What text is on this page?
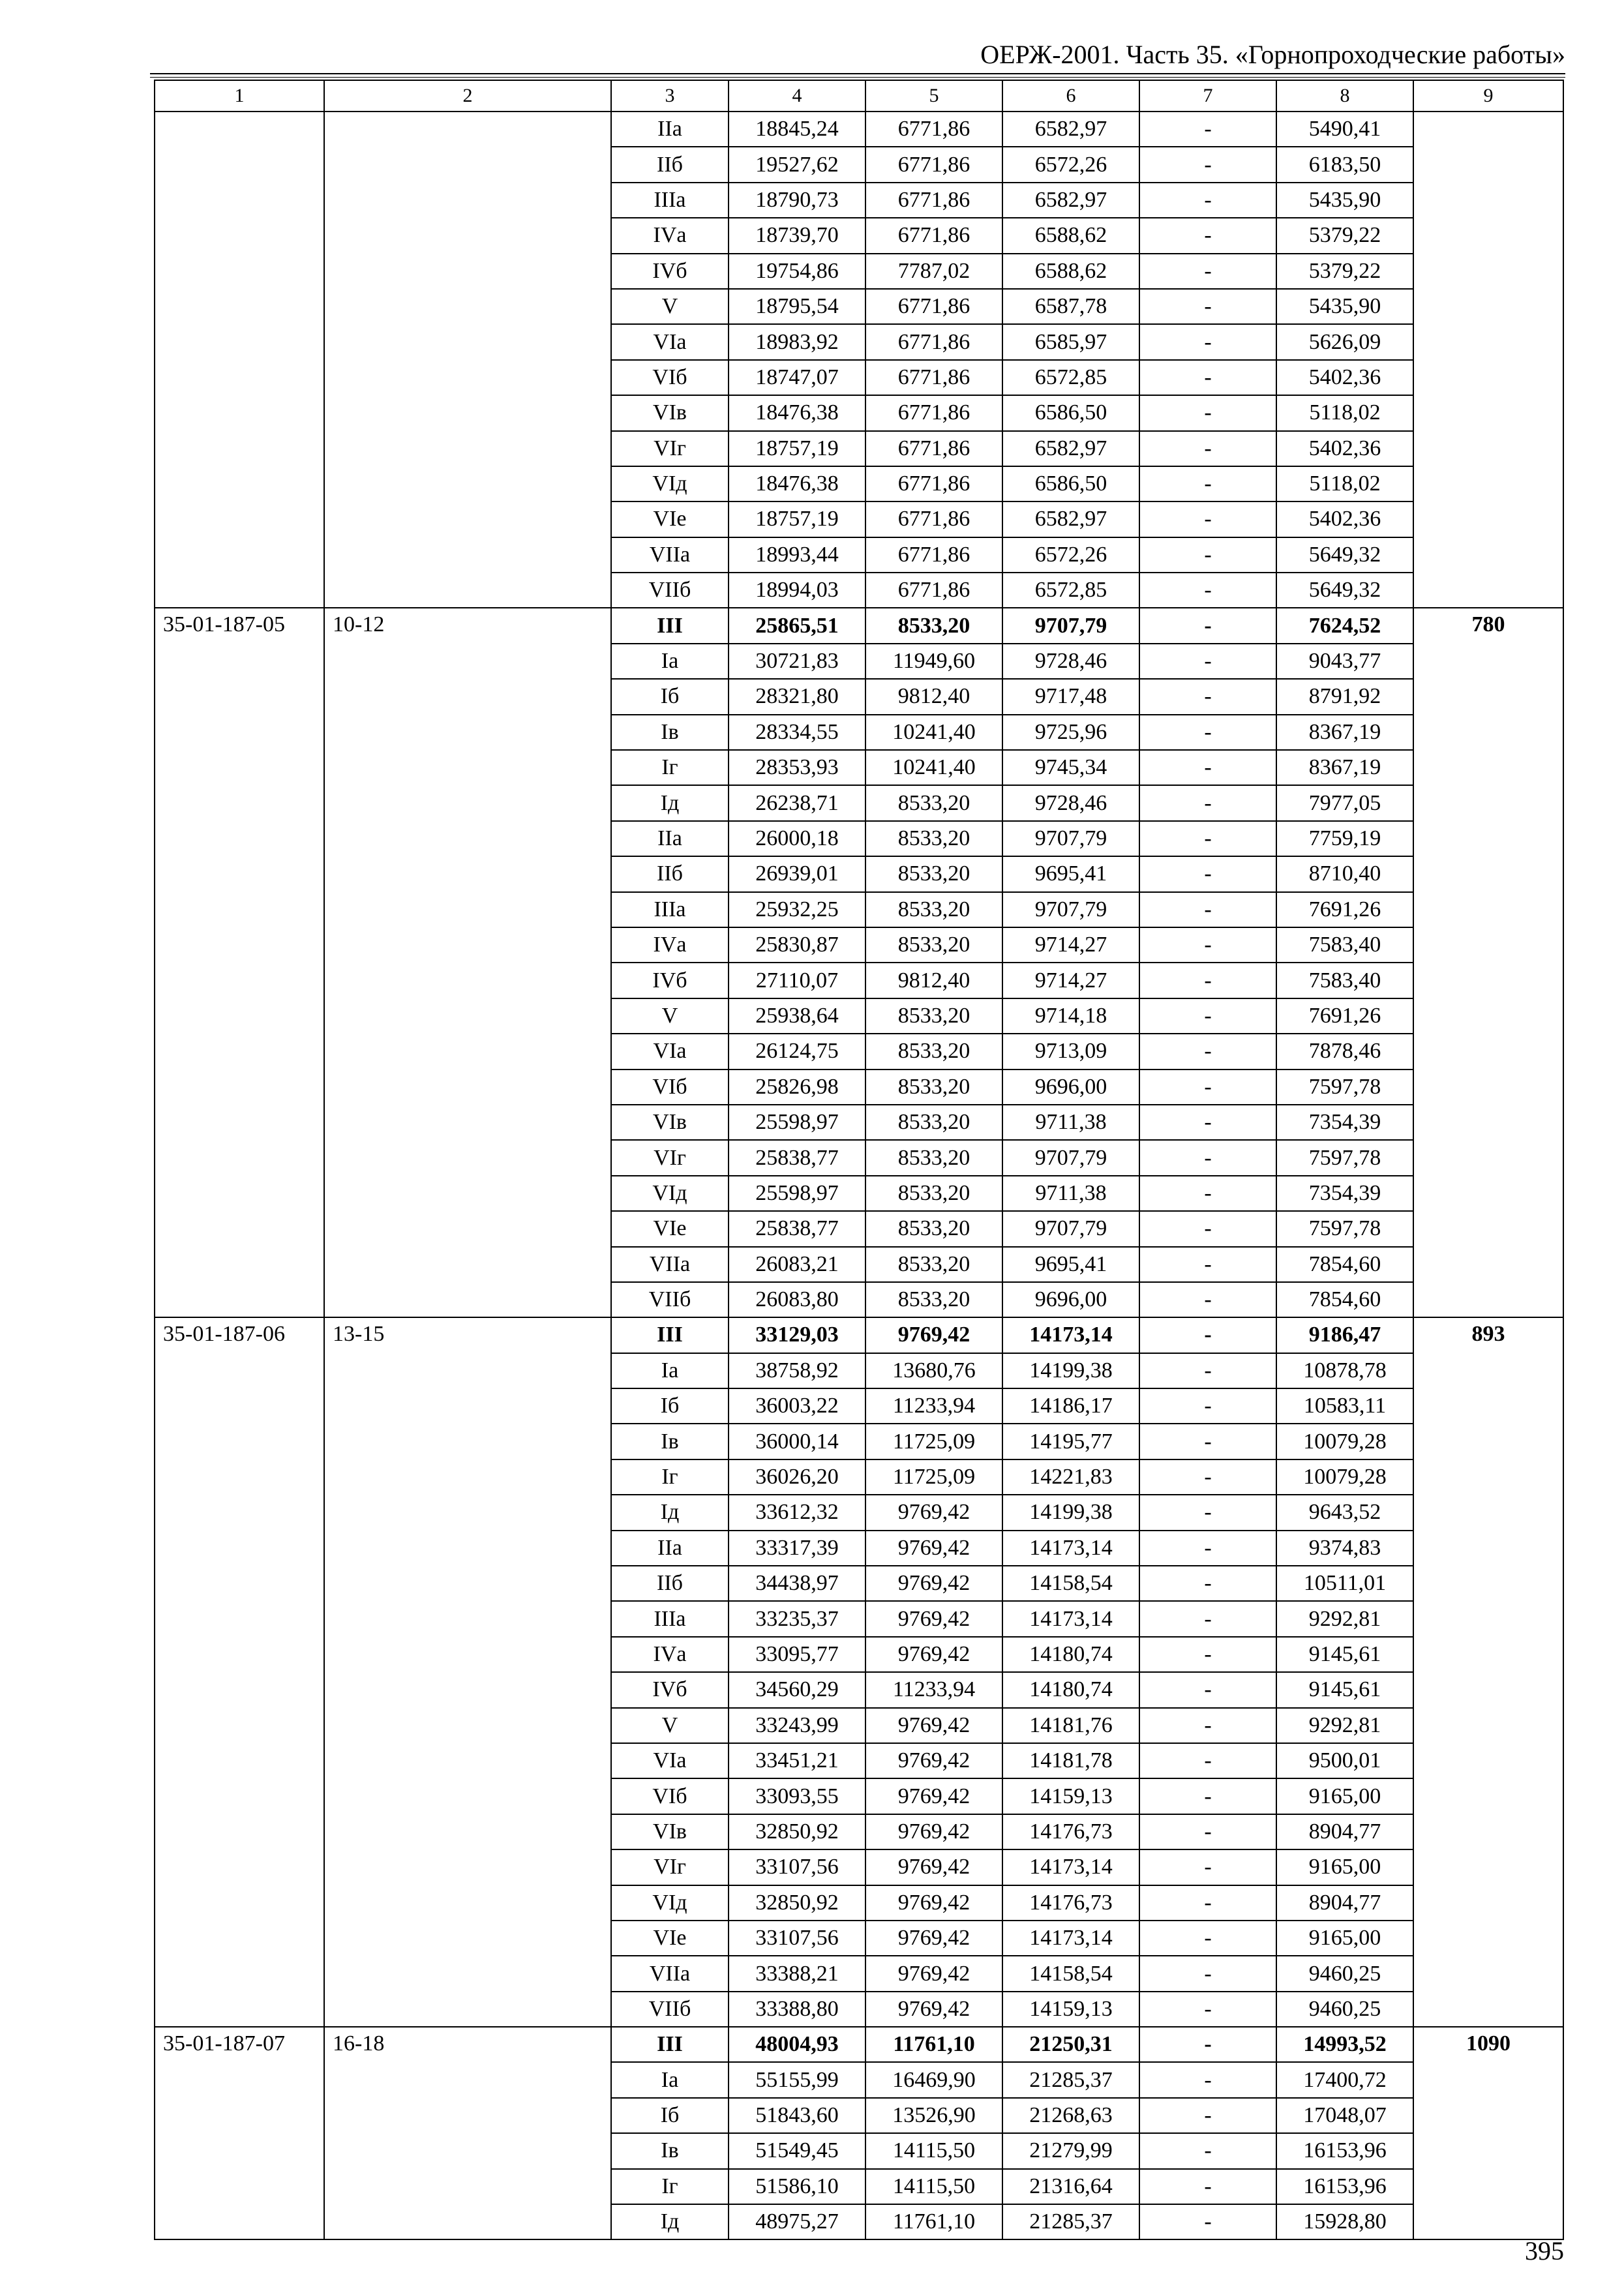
ОЕРЖ-2001. Часть 35. «Горнопроходческие работы»
1	2	3	4	5	6	7	8	9
		IIа	18845,24	6771,86	6582,97	-	5490,41	
		IIб	19527,62	6771,86	6572,26	-	6183,50	
		IIIа	18790,73	6771,86	6582,97	-	5435,90	
		IVа	18739,70	6771,86	6588,62	-	5379,22	
		IVб	19754,86	7787,02	6588,62	-	5379,22	
		V	18795,54	6771,86	6587,78	-	5435,90	
		VIа	18983,92	6771,86	6585,97	-	5626,09	
		VIб	18747,07	6771,86	6572,85	-	5402,36	
		VIв	18476,38	6771,86	6586,50	-	5118,02	
		VIг	18757,19	6771,86	6582,97	-	5402,36	
		VIд	18476,38	6771,86	6586,50	-	5118,02	
		VIе	18757,19	6771,86	6582,97	-	5402,36	
		VIIа	18993,44	6771,86	6572,26	-	5649,32	
		VIIб	18994,03	6771,86	6572,85	-	5649,32	
35-01-187-05	10-12	III	25865,51	8533,20	9707,79	-	7624,52	780
		Iа	30721,83	11949,60	9728,46	-	9043,77	
		Iб	28321,80	9812,40	9717,48	-	8791,92	
		Iв	28334,55	10241,40	9725,96	-	8367,19	
		Iг	28353,93	10241,40	9745,34	-	8367,19	
		Iд	26238,71	8533,20	9728,46	-	7977,05	
		IIа	26000,18	8533,20	9707,79	-	7759,19	
		IIб	26939,01	8533,20	9695,41	-	8710,40	
		IIIа	25932,25	8533,20	9707,79	-	7691,26	
		IVа	25830,87	8533,20	9714,27	-	7583,40	
		IVб	27110,07	9812,40	9714,27	-	7583,40	
		V	25938,64	8533,20	9714,18	-	7691,26	
		VIа	26124,75	8533,20	9713,09	-	7878,46	
		VIб	25826,98	8533,20	9696,00	-	7597,78	
		VIв	25598,97	8533,20	9711,38	-	7354,39	
		VIг	25838,77	8533,20	9707,79	-	7597,78	
		VIд	25598,97	8533,20	9711,38	-	7354,39	
		VIе	25838,77	8533,20	9707,79	-	7597,78	
		VIIа	26083,21	8533,20	9695,41	-	7854,60	
		VIIб	26083,80	8533,20	9696,00	-	7854,60	
35-01-187-06	13-15	III	33129,03	9769,42	14173,14	-	9186,47	893
		Iа	38758,92	13680,76	14199,38	-	10878,78	
		Iб	36003,22	11233,94	14186,17	-	10583,11	
		Iв	36000,14	11725,09	14195,77	-	10079,28	
		Iг	36026,20	11725,09	14221,83	-	10079,28	
		Iд	33612,32	9769,42	14199,38	-	9643,52	
		IIа	33317,39	9769,42	14173,14	-	9374,83	
		IIб	34438,97	9769,42	14158,54	-	10511,01	
		IIIа	33235,37	9769,42	14173,14	-	9292,81	
		IVа	33095,77	9769,42	14180,74	-	9145,61	
		IVб	34560,29	11233,94	14180,74	-	9145,61	
		V	33243,99	9769,42	14181,76	-	9292,81	
		VIа	33451,21	9769,42	14181,78	-	9500,01	
		VIб	33093,55	9769,42	14159,13	-	9165,00	
		VIв	32850,92	9769,42	14176,73	-	8904,77	
		VIг	33107,56	9769,42	14173,14	-	9165,00	
		VIд	32850,92	9769,42	14176,73	-	8904,77	
		VIе	33107,56	9769,42	14173,14	-	9165,00	
		VIIа	33388,21	9769,42	14158,54	-	9460,25	
		VIIб	33388,80	9769,42	14159,13	-	9460,25	
35-01-187-07	16-18	III	48004,93	11761,10	21250,31	-	14993,52	1090
		Iа	55155,99	16469,90	21285,37	-	17400,72	
		Iб	51843,60	13526,90	21268,63	-	17048,07	
		Iв	51549,45	14115,50	21279,99	-	16153,96	
		Iг	51586,10	14115,50	21316,64	-	16153,96	
		Iд	48975,27	11761,10	21285,37	-	15928,80	
395
